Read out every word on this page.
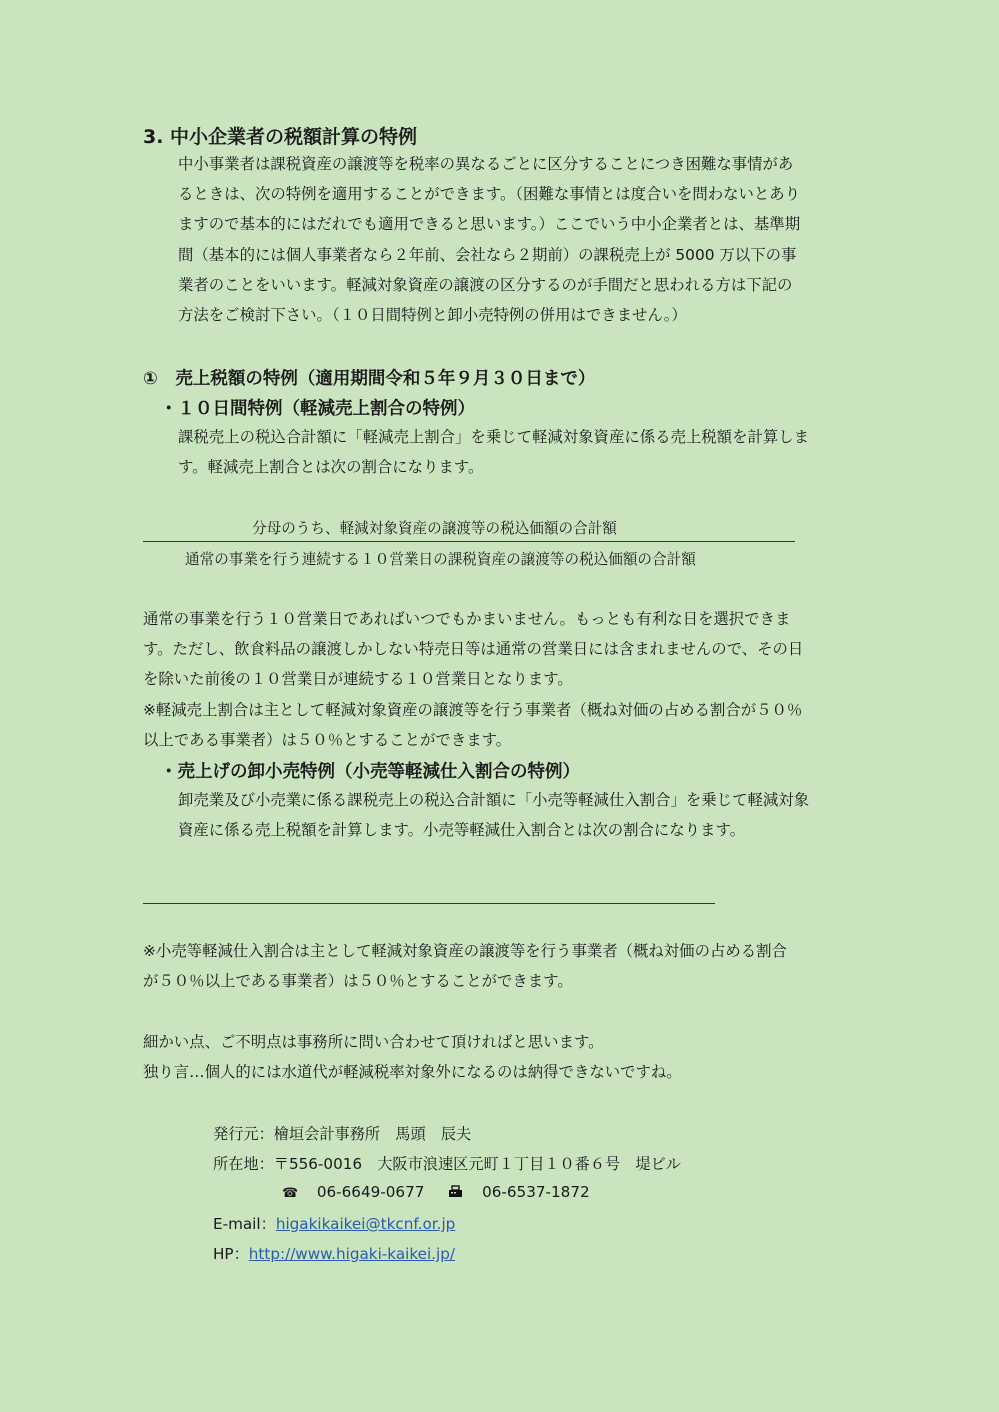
3. 中小企業者の税額計算の特例
中小事業者は課税資産の譲渡等を税率の異なるごとに区分することにつき困難な事情があ
るときは、次の特例を適用することができます。（困難な事情とは度合いを問わないとあり
ますので基本的にはだれでも適用できると思います。）ここでいう中小企業者とは、基準期
間（基本的には個人事業者なら２年前、会社なら２期前）の課税売上が 5000 万以下の事
業者のことをいいます。軽減対象資産の譲渡の区分するのが手間だと思われる方は下記の
方法をご検討下さい。（１０日間特例と卸小売特例の併用はできません。）
①　売上税額の特例（適用期間令和５年９月３０日まで）
・１０日間特例（軽減売上割合の特例）
課税売上の税込合計額に「軽減売上割合」を乗じて軽減対象資産に係る売上税額を計算しま
す。軽減売上割合とは次の割合になります。
分母のうち、軽減対象資産の譲渡等の税込価額の合計額
通常の事業を行う連続する１０営業日の課税資産の譲渡等の税込価額の合計額
通常の事業を行う１０営業日であればいつでもかまいません。もっとも有利な日を選択できま
す。ただし、飲食料品の譲渡しかしない特売日等は通常の営業日には含まれませんので、その日
を除いた前後の１０営業日が連続する１０営業日となります。
※軽減売上割合は主として軽減対象資産の譲渡等を行う事業者（概ね対価の占める割合が５０％
以上である事業者）は５０％とすることができます。
・売上げの卸小売特例（小売等軽減仕入割合の特例）
卸売業及び小売業に係る課税売上の税込合計額に「小売等軽減仕入割合」を乗じて軽減対象
資産に係る売上税額を計算します。小売等軽減仕入割合とは次の割合になります。
※小売等軽減仕入割合は主として軽減対象資産の譲渡等を行う事業者（概ね対価の占める割合
が５０％以上である事業者）は５０％とすることができます。
細かい点、ご不明点は事務所に問い合わせて頂ければと思います。
独り言…個人的には水道代が軽減税率対象外になるのは納得できないですね。
発行元：檜垣会計事務所　馬頭　辰夫
所在地：〒556-0016　大阪市浪速区元町１丁目１０番６号　堤ビル
☎ 06-6649-0677	06-6537-1872
E-mail：higakikaikei@tkcnf.or.jp
HP：http://www.higaki-kaikei.jp/
